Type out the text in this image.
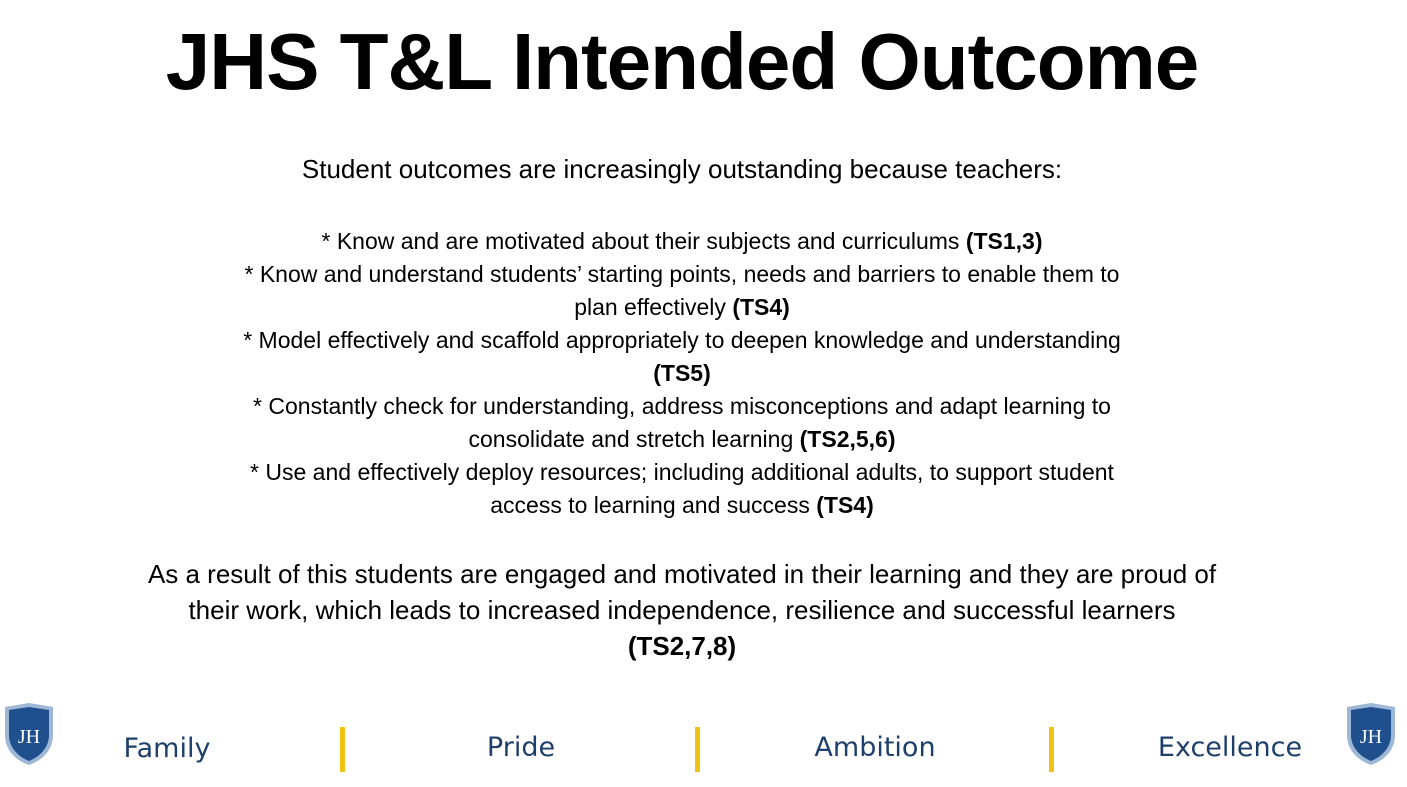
JHS T&L Intended Outcome

Student outcomes are increasingly outstanding because teachers:

* Know and are motivated about their subjects and curriculums (TS1,3)
* Know and understand students’ starting points, needs and barriers to enable them to plan effectively (TS4)
* Model effectively and scaffold appropriately to deepen knowledge and understanding (TS5)
* Constantly check for understanding, address misconceptions and adapt learning to consolidate and stretch learning (TS2,5,6)
* Use and effectively deploy resources; including additional adults, to support student access to learning and success (TS4)

As a result of this students are engaged and motivated in their learning and they are proud of their work, which leads to increased independence, resilience and successful learners (TS2,7,8)

JH	Family	Pride	Ambition	Excellence	JH
